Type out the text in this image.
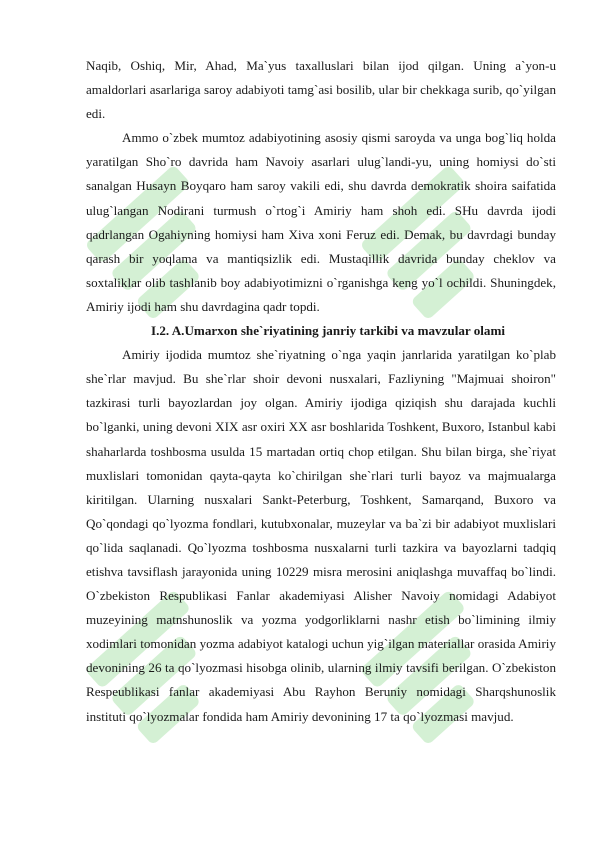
Naqib, Oshiq, Mir, Ahad, Ma`yus taxalluslari bilan ijod qilgan. Uning a`yon-u amaldorlari asarlariga saroy adabiyoti tamg`asi bosilib, ular bir chekkaga surib, qo`yilgan edi.

Ammo o`zbek mumtoz adabiyotining asosiy qismi saroyda va unga bog`liq holda yaratilgan Sho`ro davrida ham Navoiy asarlari ulug`landi-yu, uning homiysi do`sti sanalgan Husayn Boyqaro ham saroy vakili edi, shu davrda demokratik shoira saifatida ulug`langan Nodirani turmush o`rtog`i Amiriy ham shoh edi. SHu davrda ijodi qadrlangan Ogahiyning homiysi ham Xiva xoni Feruz edi. Demak, bu davrdagi bunday qarash bir yoqlama va mantiqsizlik edi. Mustaqillik davrida bunday cheklov va soxtaliklar olib tashlanib boy adabiyotimizni o`rganishga keng yo`l ochildi. Shuningdek, Amiriy ijodi ham shu davrdagina qadr topdi.

I.2. A.Umarxon she`riyatining janriy tarkibi va mavzular olami

Amiriy ijodida mumtoz she`riyatning o`nga yaqin janrlarida yaratilgan ko`plab she`rlar mavjud. Bu she`rlar shoir devoni nusxalari, Fazliyning "Majmuai shoiron" tazkirasi turli bayozlardan joy olgan. Amiriy ijodiga qiziqish shu darajada kuchli bo`lganki, uning devoni XIX asr oxiri XX asr boshlarida Toshkent, Buxoro, Istanbul kabi shaharlarda toshbosma usulda 15 martadan ortiq chop etilgan. Shu bilan birga, she`riyat muxlislari tomonidan qayta-qayta ko`chirilgan she`rlari turli bayoz va majmualarga kiritilgan. Ularning nusxalari Sankt-Peterburg, Toshkent, Samarqand, Buxoro va Qo`qondagi qo`lyozma fondlari, kutubxonalar, muzeylar va ba`zi bir adabiyot muxlislari qo`lida saqlanadi. Qo`lyozma toshbosma nusxalarni turli tazkira va bayozlarni tadqiq etishva tavsiflash jarayonida uning 10229 misra merosini aniqlashga muvaffaq bo`lindi. O`zbekiston Respublikasi Fanlar akademiyasi Alisher Navoiy nomidagi Adabiyot muzeyining matnshunoslik va yozma yodgorliklarni nashr etish bo`limining ilmiy xodimlari tomonidan yozma adabiyot katalogi uchun yig`ilgan materiallar orasida Amiriy devonining 26 ta qo`lyozmasi hisobga olinib, ularning ilmiy tavsifi berilgan. O`zbekiston Respeublikasi fanlar akademiyasi Abu Rayhon Beruniy nomidagi Sharqshunoslik instituti qo`lyozmalar fondida ham Amiriy devonining 17 ta qo`lyozmasi mavjud.
